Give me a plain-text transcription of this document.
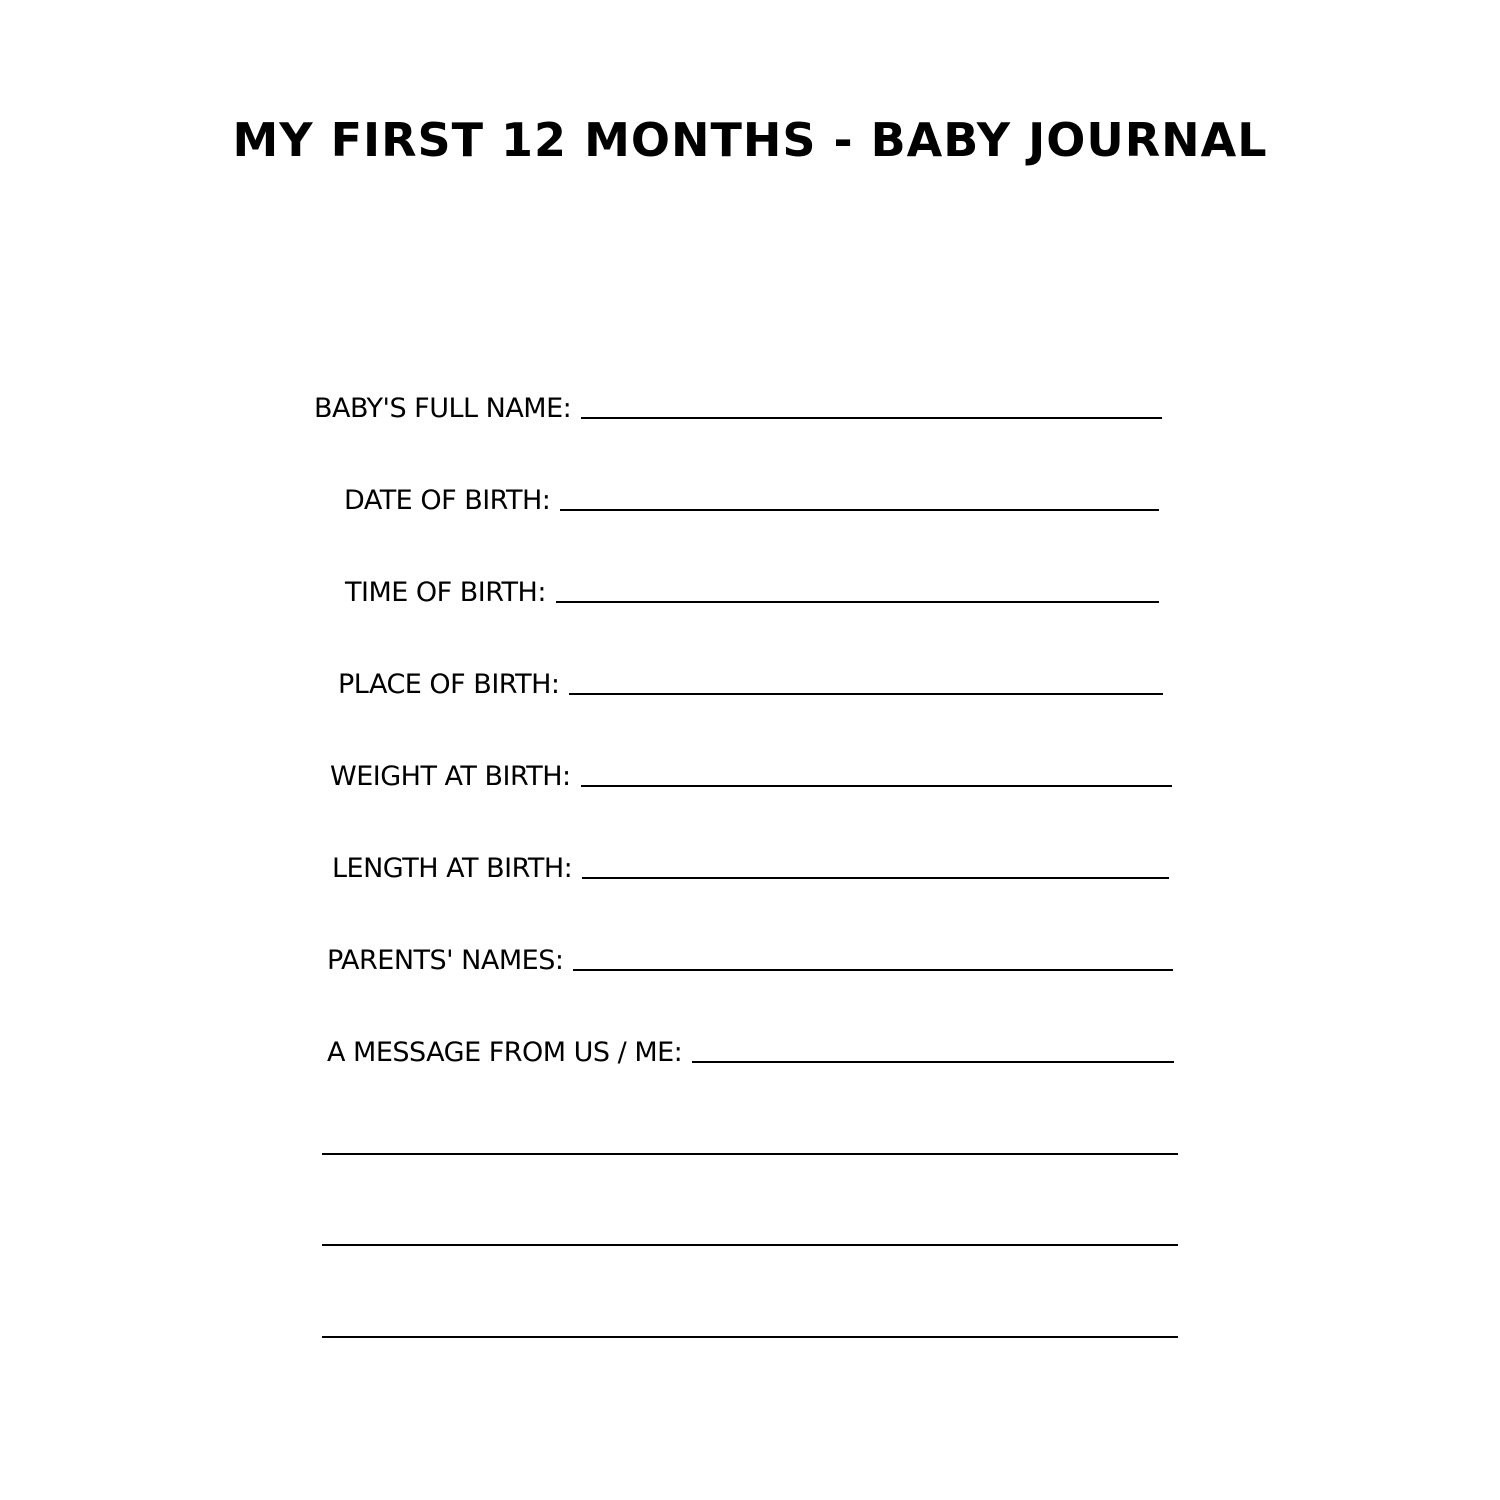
MY FIRST 12 MONTHS - BABY JOURNAL
BABY'S FULL NAME:
DATE OF BIRTH:
TIME OF BIRTH:
PLACE OF BIRTH:
WEIGHT AT BIRTH:
LENGTH AT BIRTH:
PARENTS' NAMES:
A MESSAGE FROM US / ME:
